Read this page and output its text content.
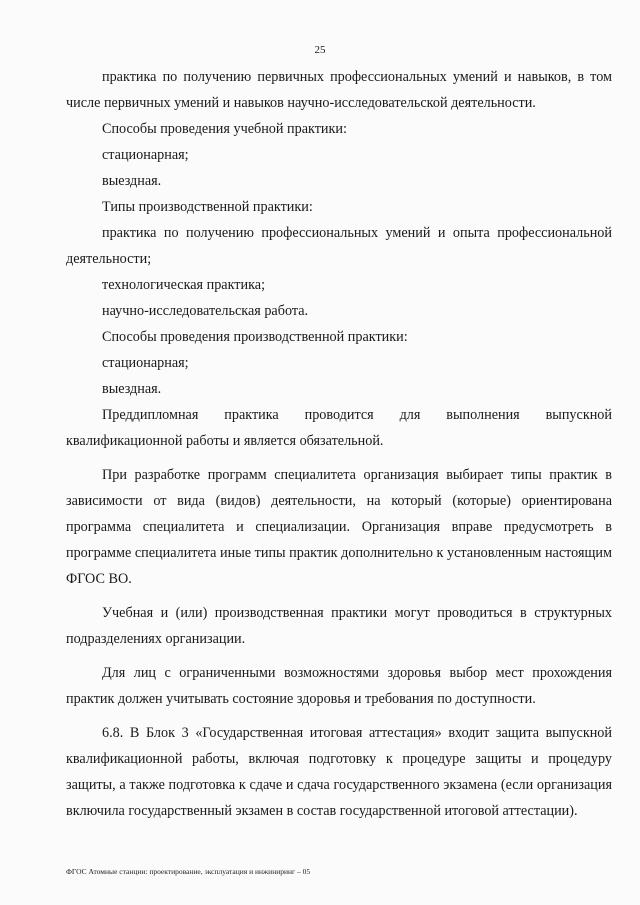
25

практика по получению первичных профессиональных умений и навыков, в том числе первичных умений и навыков научно-исследовательской деятельности.

Способы проведения учебной практики:

стационарная;

выездная.

Типы производственной практики:

практика по получению профессиональных умений и опыта профессиональной деятельности;

технологическая практика;

научно-исследовательская работа.

Способы проведения производственной практики:

стационарная;

выездная.

Преддипломная практика проводится для выполнения выпускной квалификационной работы и является обязательной.

При разработке программ специалитета организация выбирает типы практик в зависимости от вида (видов) деятельности, на который (которые) ориентирована программа специалитета и специализации. Организация вправе предусмотреть в программе специалитета иные типы практик дополнительно к установленным настоящим ФГОС ВО.

Учебная и (или) производственная практики могут проводиться в структурных подразделениях организации.

Для лиц с ограниченными возможностями здоровья выбор мест прохождения практик должен учитывать состояние здоровья и требования по доступности.

6.8. В Блок 3 «Государственная итоговая аттестация» входит защита выпускной квалификационной работы, включая подготовку к процедуре защиты и процедуру защиты, а также подготовка к сдаче и сдача государственного экзамена (если организация включила государственный экзамен в состав государственной итоговой аттестации).

ФГОС Атомные станции: проектирование, эксплуатация и инжиниринг – 05
